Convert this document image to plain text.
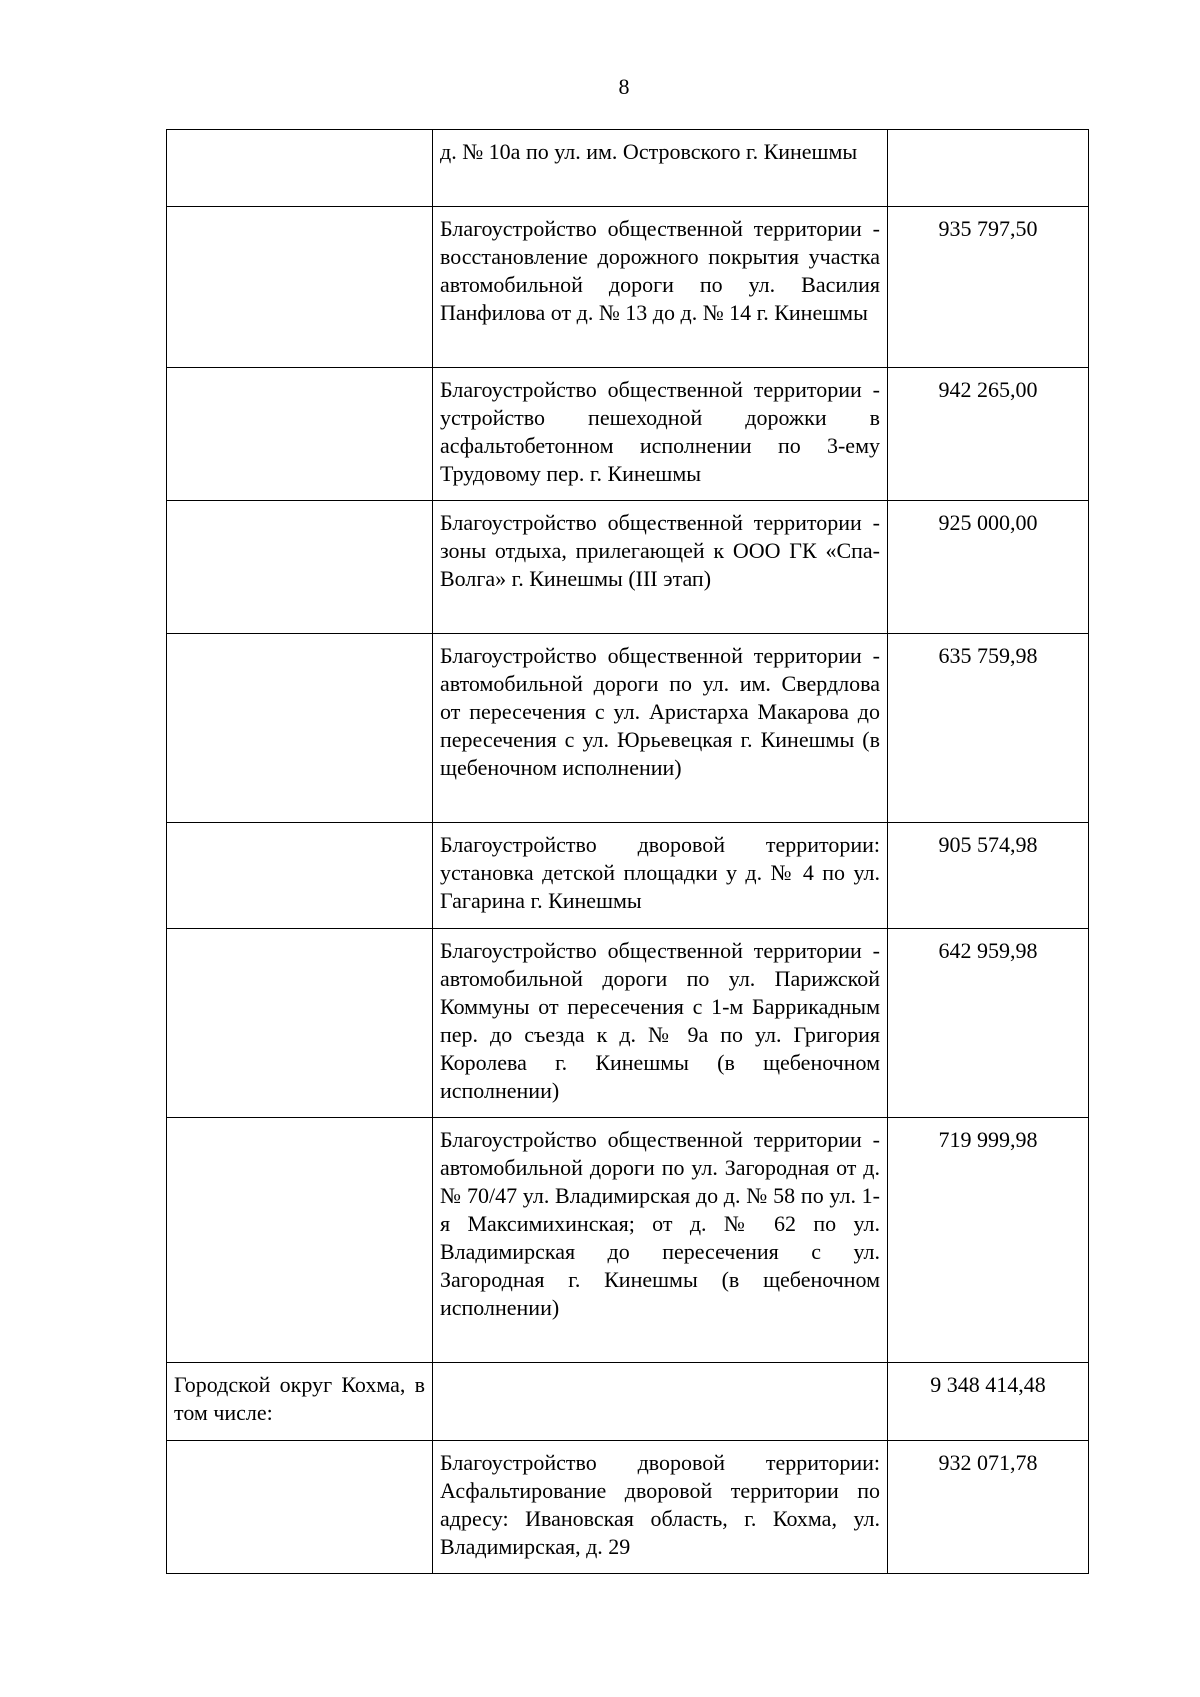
8
	д. № 10а по ул. им. Островского г. Кинешмы	
	Благоустройство общественной территории - восстановление дорожного покрытия участка автомобильной дороги по ул. Василия Панфилова от д. № 13 до д. № 14 г. Кинешмы	935 797,50
	Благоустройство общественной территории - устройство пешеходной дорожки в асфальтобетонном исполнении по 3-ему Трудовому пер. г. Кинешмы	942 265,00
	Благоустройство общественной территории - зоны отдыха, прилегающей к ООО ГК «Спа-Волга» г. Кинешмы (III этап)	925 000,00
	Благоустройство общественной территории - автомобильной дороги по ул. им. Свердлова от пересечения с ул. Аристарха Макарова до пересечения с ул. Юрьевецкая г. Кинешмы (в щебеночном исполнении)	635 759,98
	Благоустройство дворовой территории: установка детской площадки у д. № 4 по ул. Гагарина г. Кинешмы	905 574,98
	Благоустройство общественной территории - автомобильной дороги по ул. Парижской Коммуны от пересечения с 1-м Баррикадным пер. до съезда к д. № 9а по ул. Григория Королева г. Кинешмы (в щебеночном исполнении)	642 959,98
	Благоустройство общественной территории - автомобильной дороги по ул. Загородная от д. № 70/47 ул. Владимирская до д. № 58 по ул. 1-я Максимихинская; от д. № 62 по ул. Владимирская до пересечения с ул. Загородная г. Кинешмы (в щебеночном исполнении)	719 999,98
Городской округ Кохма, в том числе:		9 348 414,48
	Благоустройство дворовой территории: Асфальтирование дворовой территории по адресу: Ивановская область, г. Кохма, ул. Владимирская, д. 29	932 071,78
